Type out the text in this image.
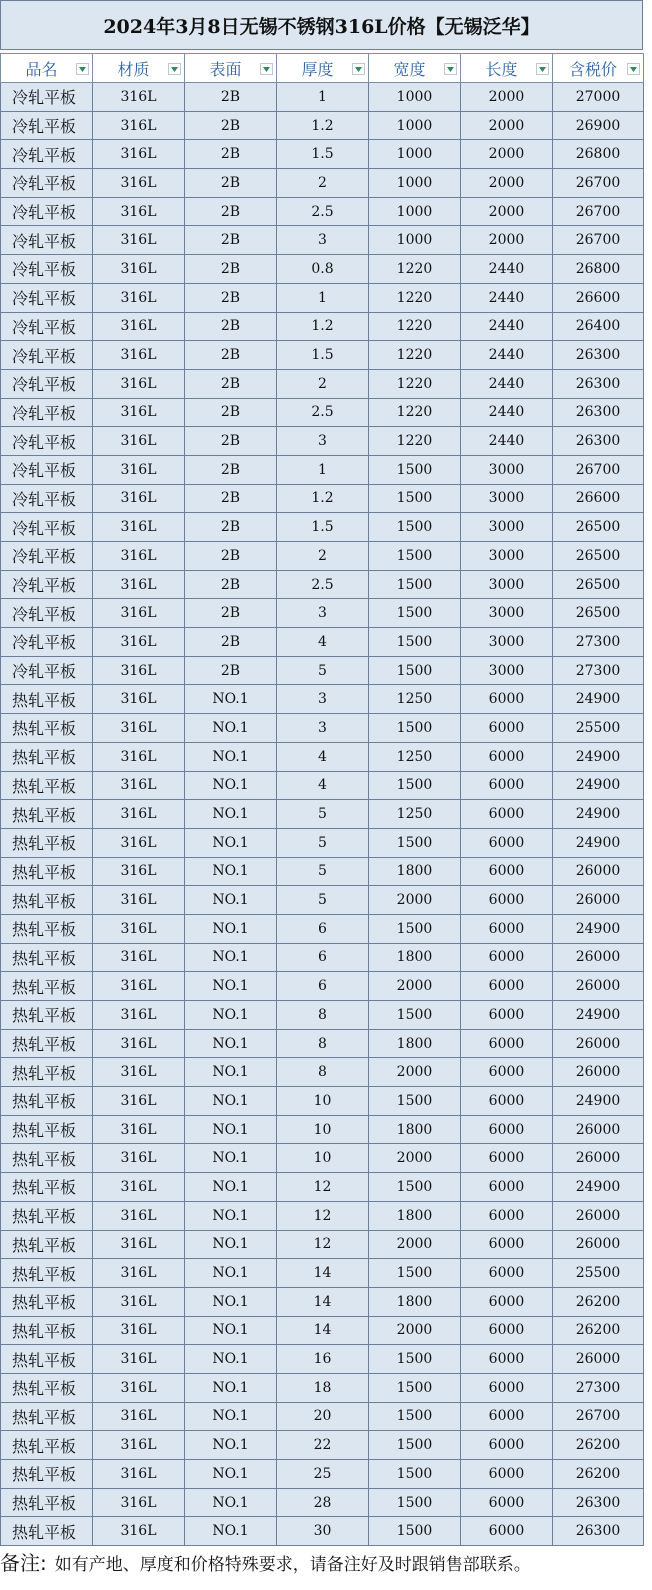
2024年3月8日无锡不锈钢316L价格【无锡泛华】
品名	材质	表面	厚度	宽度	长度	含税价

冷轧平板	316L	2B	1	1000	2000	27000
冷轧平板	316L	2B	1.2	1000	2000	26900
冷轧平板	316L	2B	1.5	1000	2000	26800
冷轧平板	316L	2B	2	1000	2000	26700
冷轧平板	316L	2B	2.5	1000	2000	26700
冷轧平板	316L	2B	3	1000	2000	26700
冷轧平板	316L	2B	0.8	1220	2440	26800
冷轧平板	316L	2B	1	1220	2440	26600
冷轧平板	316L	2B	1.2	1220	2440	26400
冷轧平板	316L	2B	1.5	1220	2440	26300
冷轧平板	316L	2B	2	1220	2440	26300
冷轧平板	316L	2B	2.5	1220	2440	26300
冷轧平板	316L	2B	3	1220	2440	26300
冷轧平板	316L	2B	1	1500	3000	26700
冷轧平板	316L	2B	1.2	1500	3000	26600
冷轧平板	316L	2B	1.5	1500	3000	26500
冷轧平板	316L	2B	2	1500	3000	26500
冷轧平板	316L	2B	2.5	1500	3000	26500
冷轧平板	316L	2B	3	1500	3000	26500
冷轧平板	316L	2B	4	1500	3000	27300
冷轧平板	316L	2B	5	1500	3000	27300
热轧平板	316L	NO.1	3	1250	6000	24900
热轧平板	316L	NO.1	3	1500	6000	25500
热轧平板	316L	NO.1	4	1250	6000	24900
热轧平板	316L	NO.1	4	1500	6000	24900
热轧平板	316L	NO.1	5	1250	6000	24900
热轧平板	316L	NO.1	5	1500	6000	24900
热轧平板	316L	NO.1	5	1800	6000	26000
热轧平板	316L	NO.1	5	2000	6000	26000
热轧平板	316L	NO.1	6	1500	6000	24900
热轧平板	316L	NO.1	6	1800	6000	26000
热轧平板	316L	NO.1	6	2000	6000	26000
热轧平板	316L	NO.1	8	1500	6000	24900
热轧平板	316L	NO.1	8	1800	6000	26000
热轧平板	316L	NO.1	8	2000	6000	26000
热轧平板	316L	NO.1	10	1500	6000	24900
热轧平板	316L	NO.1	10	1800	6000	26000
热轧平板	316L	NO.1	10	2000	6000	26000
热轧平板	316L	NO.1	12	1500	6000	24900
热轧平板	316L	NO.1	12	1800	6000	26000
热轧平板	316L	NO.1	12	2000	6000	26000
热轧平板	316L	NO.1	14	1500	6000	25500
热轧平板	316L	NO.1	14	1800	6000	26200
热轧平板	316L	NO.1	14	2000	6000	26200
热轧平板	316L	NO.1	16	1500	6000	26000
热轧平板	316L	NO.1	18	1500	6000	27300
热轧平板	316L	NO.1	20	1500	6000	26700
热轧平板	316L	NO.1	22	1500	6000	26200
热轧平板	316L	NO.1	25	1500	6000	26200
热轧平板	316L	NO.1	28	1500	6000	26300
热轧平板	316L	NO.1	30	1500	6000	26300
备注: 如有产地、厚度和价格特殊要求，请备注好及时跟销售部联系。
